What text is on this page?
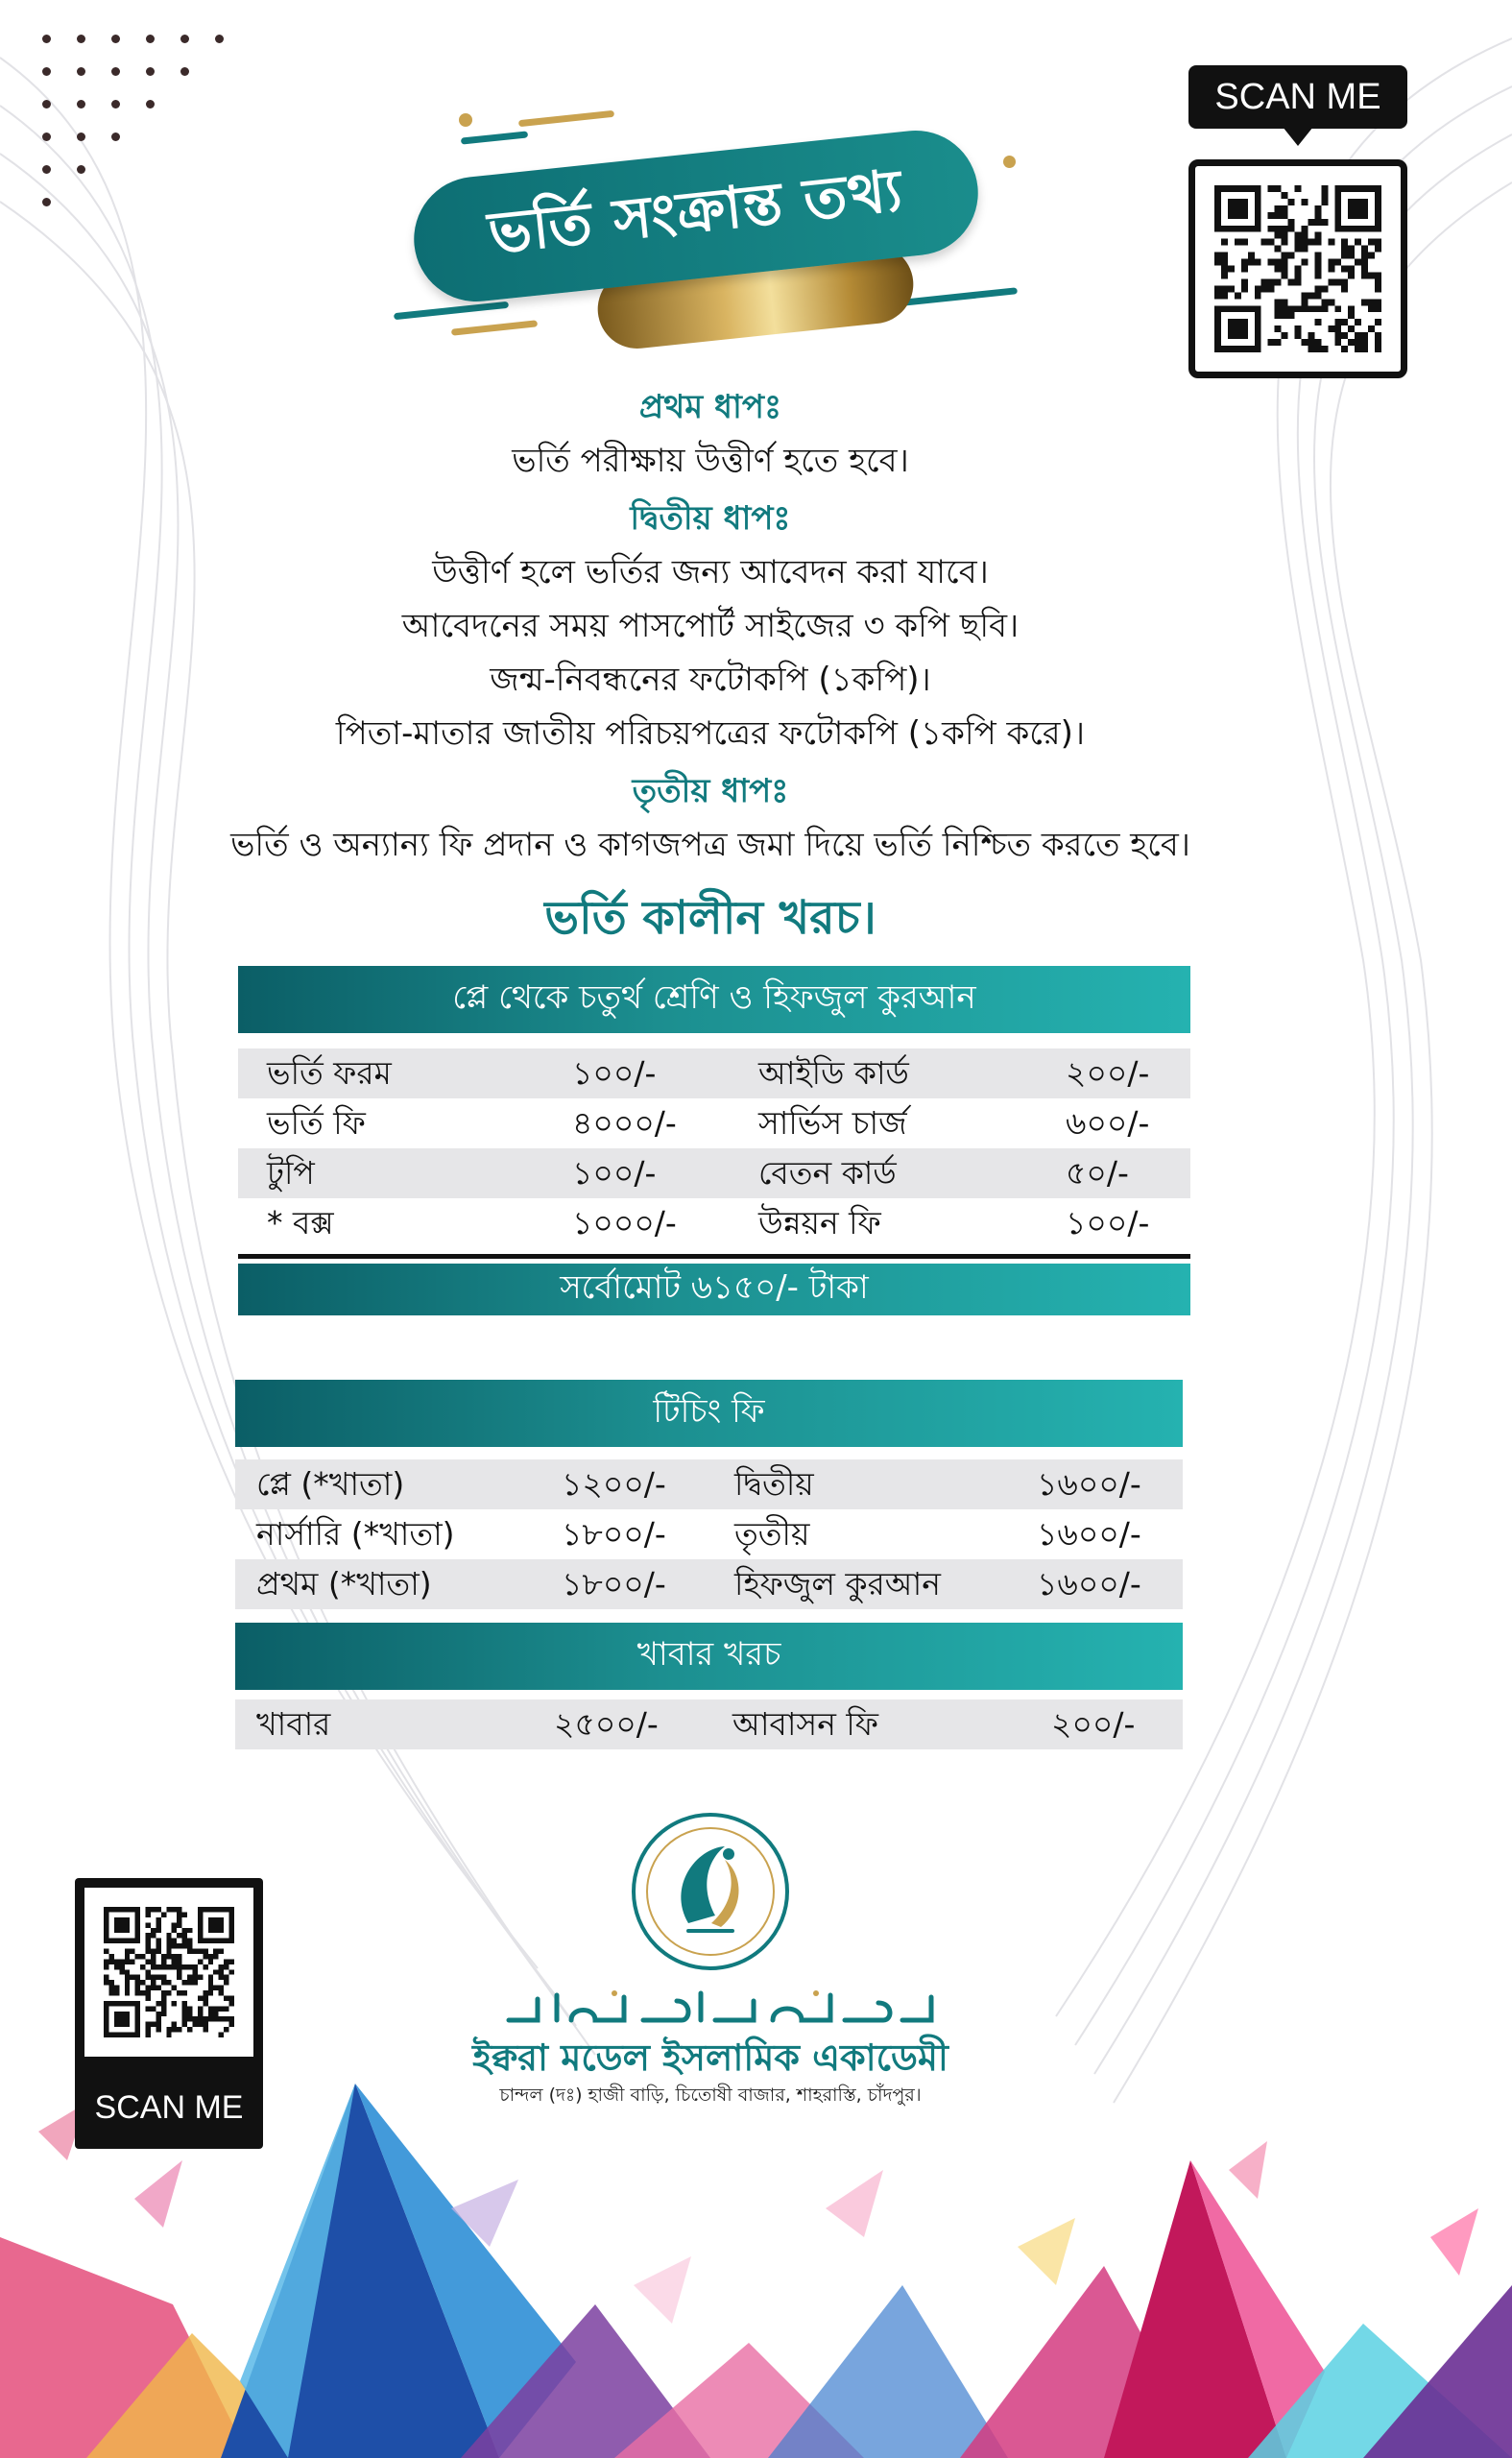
ভর্তি সংক্রান্ত তথ্য
SCAN ME
প্রথম ধাপঃ
ভর্তি পরীক্ষায় উত্তীর্ণ হতে হবে।
দ্বিতীয় ধাপঃ
উত্তীর্ণ হলে ভর্তির জন্য আবেদন করা যাবে।
আবেদনের সময় পাসপোর্ট সাইজের ৩ কপি ছবি।
জন্ম-নিবন্ধনের ফটোকপি (১কপি)।
পিতা-মাতার জাতীয় পরিচয়পত্রের ফটোকপি (১কপি করে)।
তৃতীয় ধাপঃ
ভর্তি ও অন্যান্য ফি প্রদান ও কাগজপত্র জমা দিয়ে ভর্তি নিশ্চিত করতে হবে।
ভর্তি কালীন খরচ।
প্লে থেকে চতুর্থ শ্রেণি ও হিফজুল কুরআন
ভর্তি ফরম	১০০/-	আইডি কার্ড	২০০/-
ভর্তি ফি	৪০০০/-	সার্ভিস চার্জ	৬০০/-
টুপি	১০০/-	বেতন কার্ড	৫০/-
* বক্স	১০০০/-	উন্নয়ন ফি	১০০/-
সর্বোমোট ৬১৫০/- টাকা
টিচিং ফি
প্লে (*খাতা)	১২০০/- দ্বিতীয়	১৬০০/-
নার্সারি (*খাতা)	১৮০০/- তৃতীয়	১৬০০/-
প্রথম (*খাতা)	১৮০০/- হিফজুল কুরআন	১৬০০/-
খাবার খরচ
খাবার	২৫০০/- আবাসন ফি	২০০/-
SCAN ME
ইক্বরা মডেল ইসলামিক একাডেমী
চান্দল (দঃ) হাজী বাড়ি, চিতোষী বাজার, শাহরাস্তি, চাঁদপুর।
